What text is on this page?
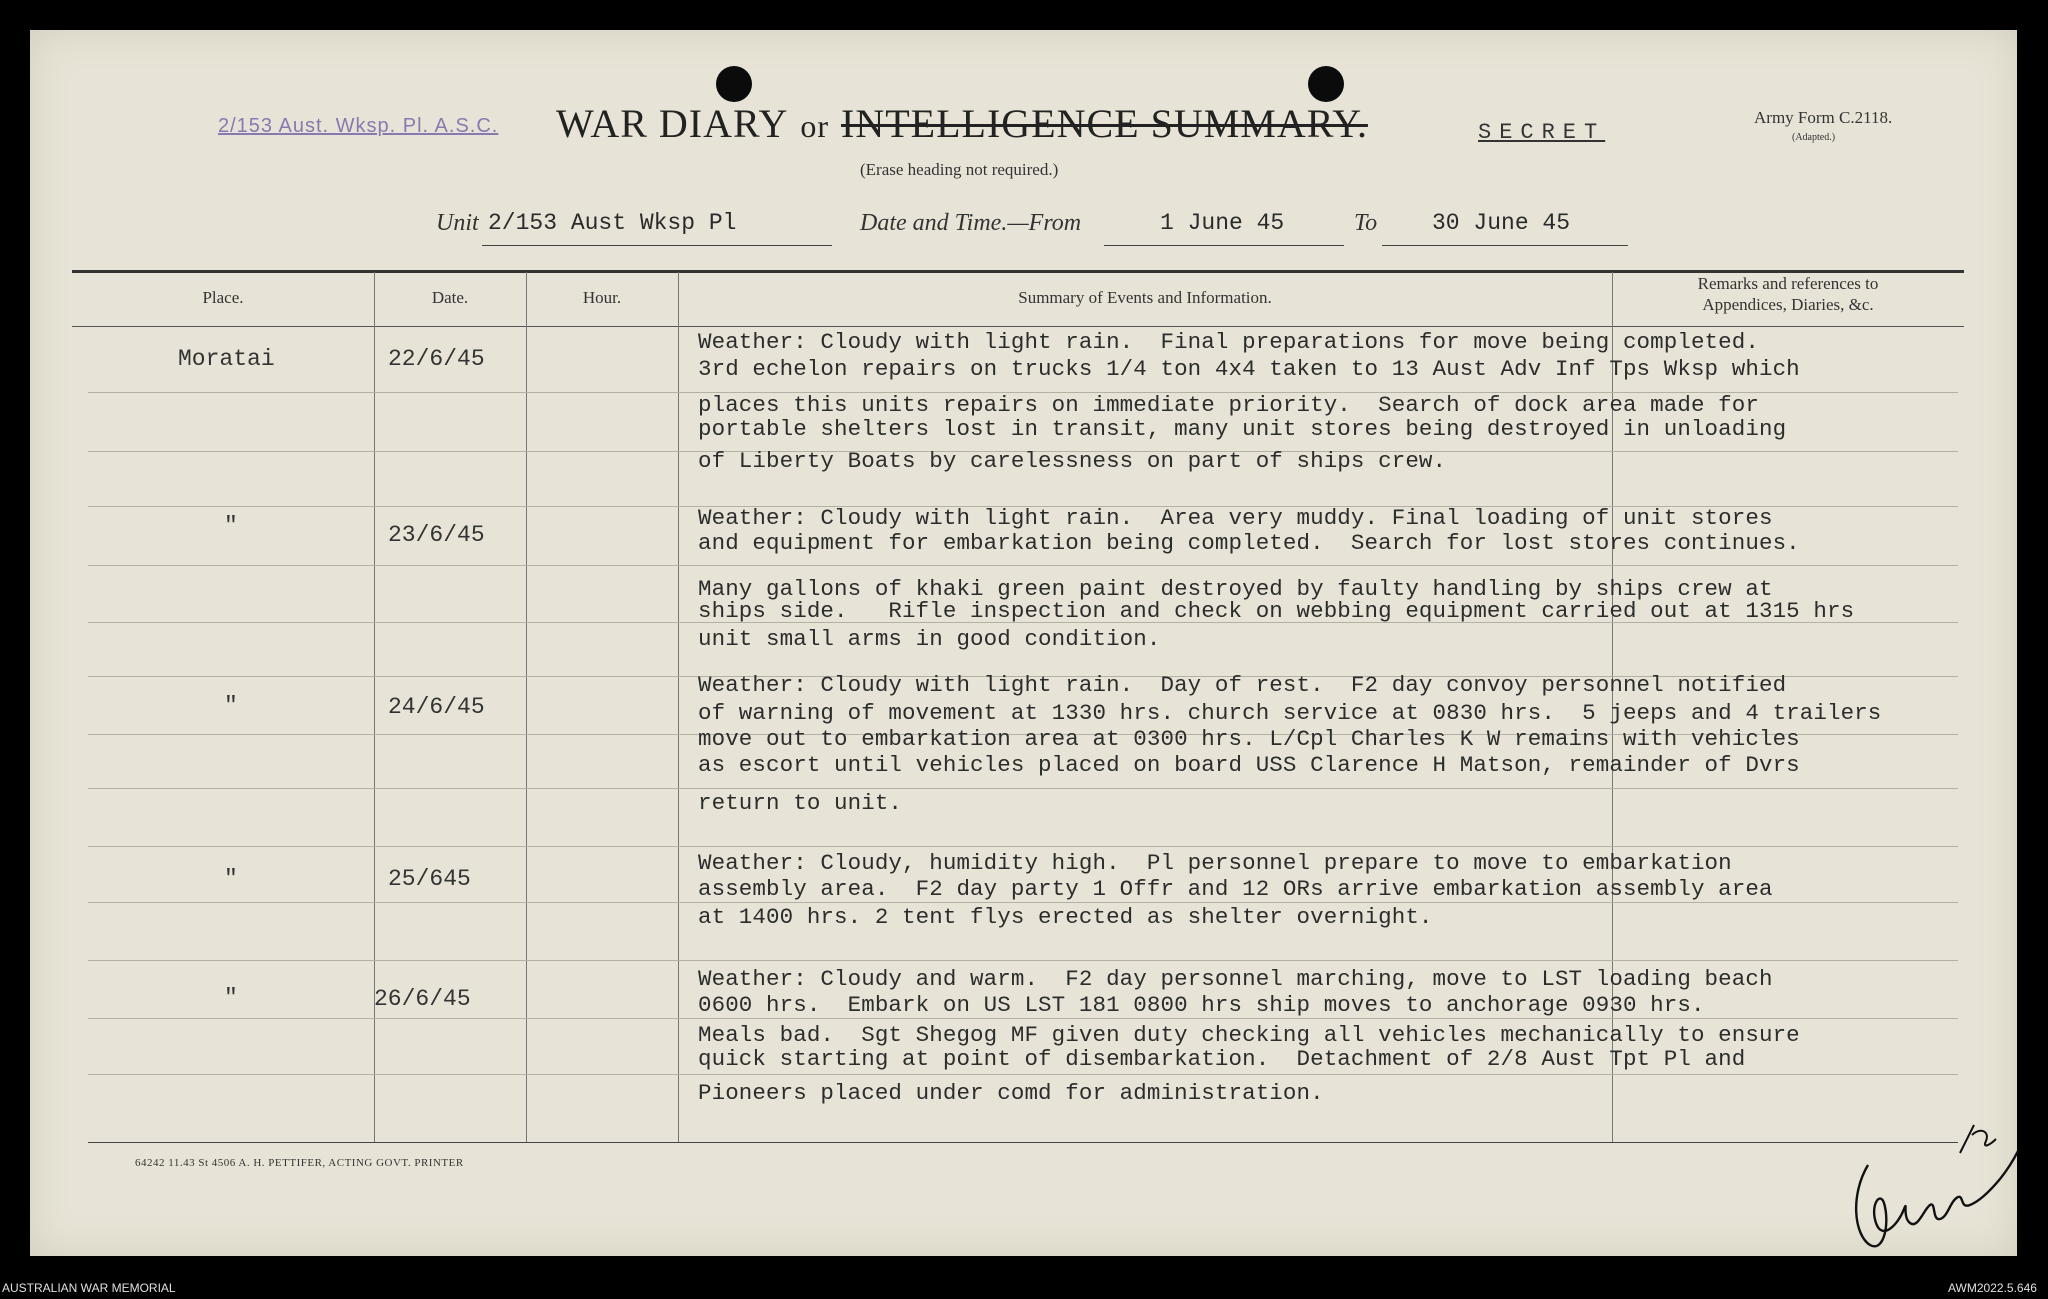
2/153 Aust. Wksp. Pl. A.S.C. WAR DIARY or INTELLIGENCE SUMMARY.
(Erase heading not required.)
SECRET
Army Form C.2118.
(Adapted.)
Unit 2/153 Aust Wksp Pl	Date and Time.—From	1 June 45	To	30 June 45
Place.	Date.	Hour.	Summary of Events and Information.
Remarks and references to
Appendices, Diaries, &c.
Moratai	22/6/45
Weather: Cloudy with light rain.  Final preparations for move being completed.
3rd echelon repairs on trucks 1/4 ton 4x4 taken to 13 Aust Adv Inf Tps Wksp which
places this units repairs on immediate priority.  Search of dock area made for
portable shelters lost in transit, many unit stores being destroyed in unloading
of Liberty Boats by carelessness on part of ships crew.
"	23/6/45
Weather: Cloudy with light rain.  Area very muddy. Final loading of unit stores
and equipment for embarkation being completed.  Search for lost stores continues.
Many gallons of khaki green paint destroyed by faulty handling by ships crew at
ships side.   Rifle inspection and check on webbing equipment carried out at 1315 hrs
unit small arms in good condition.
"	24/6/45
Weather: Cloudy with light rain.  Day of rest.  F2 day convoy personnel notified
of warning of movement at 1330 hrs. church service at 0830 hrs.  5 jeeps and 4 trailers
move out to embarkation area at 0300 hrs. L/Cpl Charles K W remains with vehicles
as escort until vehicles placed on board USS Clarence H Matson, remainder of Dvrs
return to unit.
"	25/645
Weather: Cloudy, humidity high.  Pl personnel prepare to move to embarkation
assembly area.  F2 day party 1 Offr and 12 ORs arrive embarkation assembly area
at 1400 hrs. 2 tent flys erected as shelter overnight.
"	26/6/45
Weather: Cloudy and warm.  F2 day personnel marching, move to LST loading beach
0600 hrs.  Embark on US LST 181 0800 hrs ship moves to anchorage 0930 hrs.
Meals bad.  Sgt Shegog MF given duty checking all vehicles mechanically to ensure
quick starting at point of disembarkation.  Detachment of 2/8 Aust Tpt Pl and
Pioneers placed under comd for administration.
64242 11.43 St 4506 A. H. PETTIFER, ACTING GOVT. PRINTER
AUSTRALIAN WAR MEMORIAL	AWM2022.5.646
